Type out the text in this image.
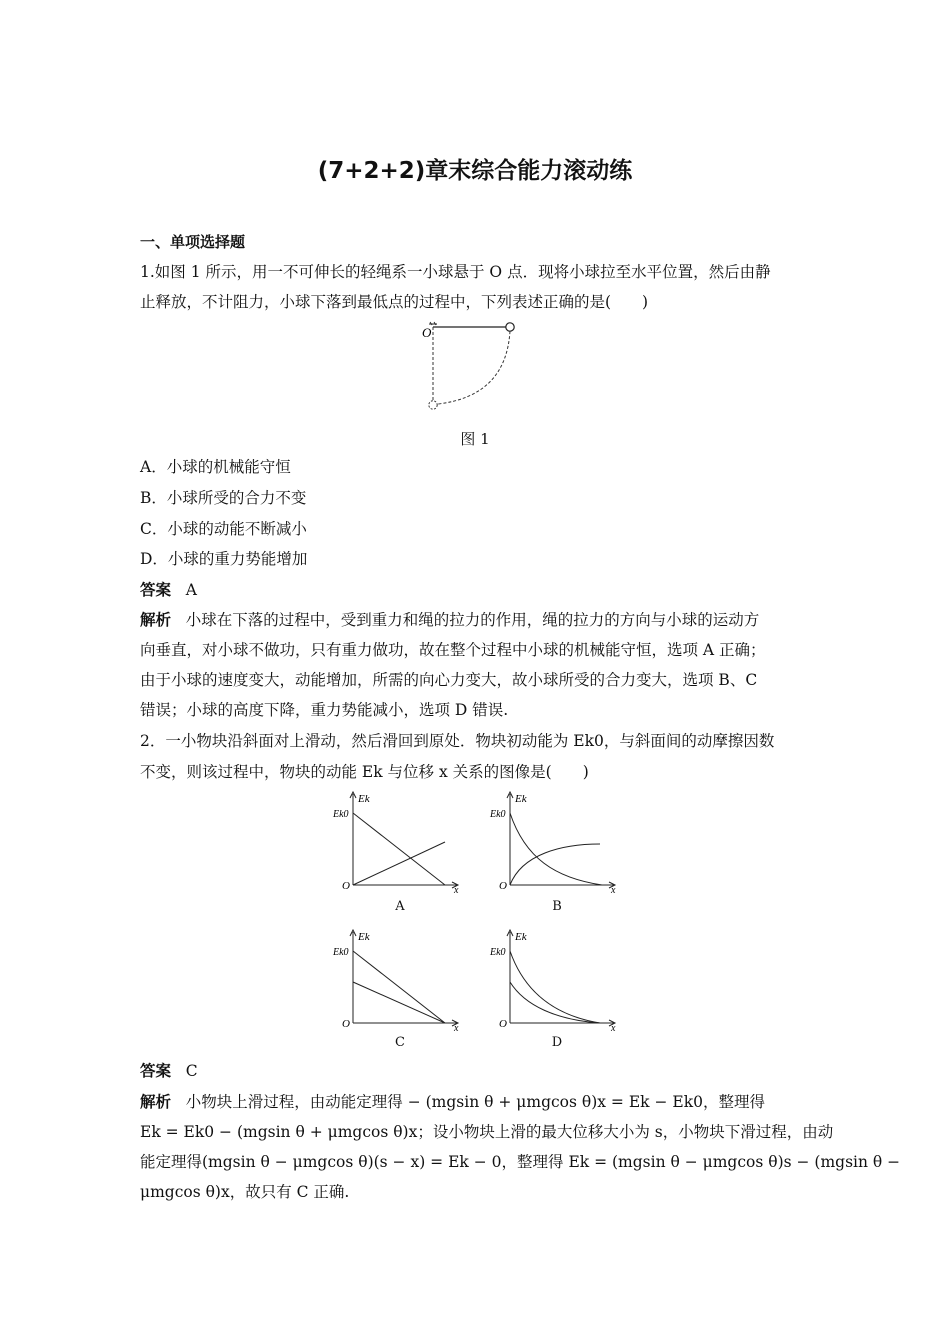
(7+2+2)章末综合能力滚动练
一、单项选择题
1.如图 1 所示，用一不可伸长的轻绳系一小球悬于 O 点．现将小球拉至水平位置，然后由静
止释放，不计阻力，小球下落到最低点的过程中，下列表述正确的是(　　)
O
图 1
A．小球的机械能守恒
B．小球所受的合力不变
C．小球的动能不断减小
D．小球的重力势能增加
答案 A
解析 小球在下落的过程中，受到重力和绳的拉力的作用，绳的拉力的方向与小球的运动方
向垂直，对小球不做功，只有重力做功，故在整个过程中小球的机械能守恒，选项 A 正确；
由于小球的速度变大，动能增加，所需的向心力变大，故小球所受的合力变大，选项 B、C
错误；小球的高度下降，重力势能减小，选项 D 错误.
2．一小物块沿斜面对上滑动，然后滑回到原处．物块初动能为 Ek0，与斜面间的动摩擦因数
不变，则该过程中，物块的动能 Ek 与位移 x 关系的图像是(　　)
Ek
Ek0
O	x
A
Ek
Ek0
O	x
B
Ek
Ek0
O	x
C
Ek
Ek0
O	x
D
答案 C
解析 小物块上滑过程，由动能定理得 − (mgsin θ + μmgcos θ)x = Ek − Ek0，整理得
Ek = Ek0 − (mgsin θ + μmgcos θ)x；设小物块上滑的最大位移大小为 s，小物块下滑过程，由动
能定理得(mgsin θ − μmgcos θ)(s − x) = Ek − 0，整理得 Ek = (mgsin θ − μmgcos θ)s − (mgsin θ −
μmgcos θ)x，故只有 C 正确.
